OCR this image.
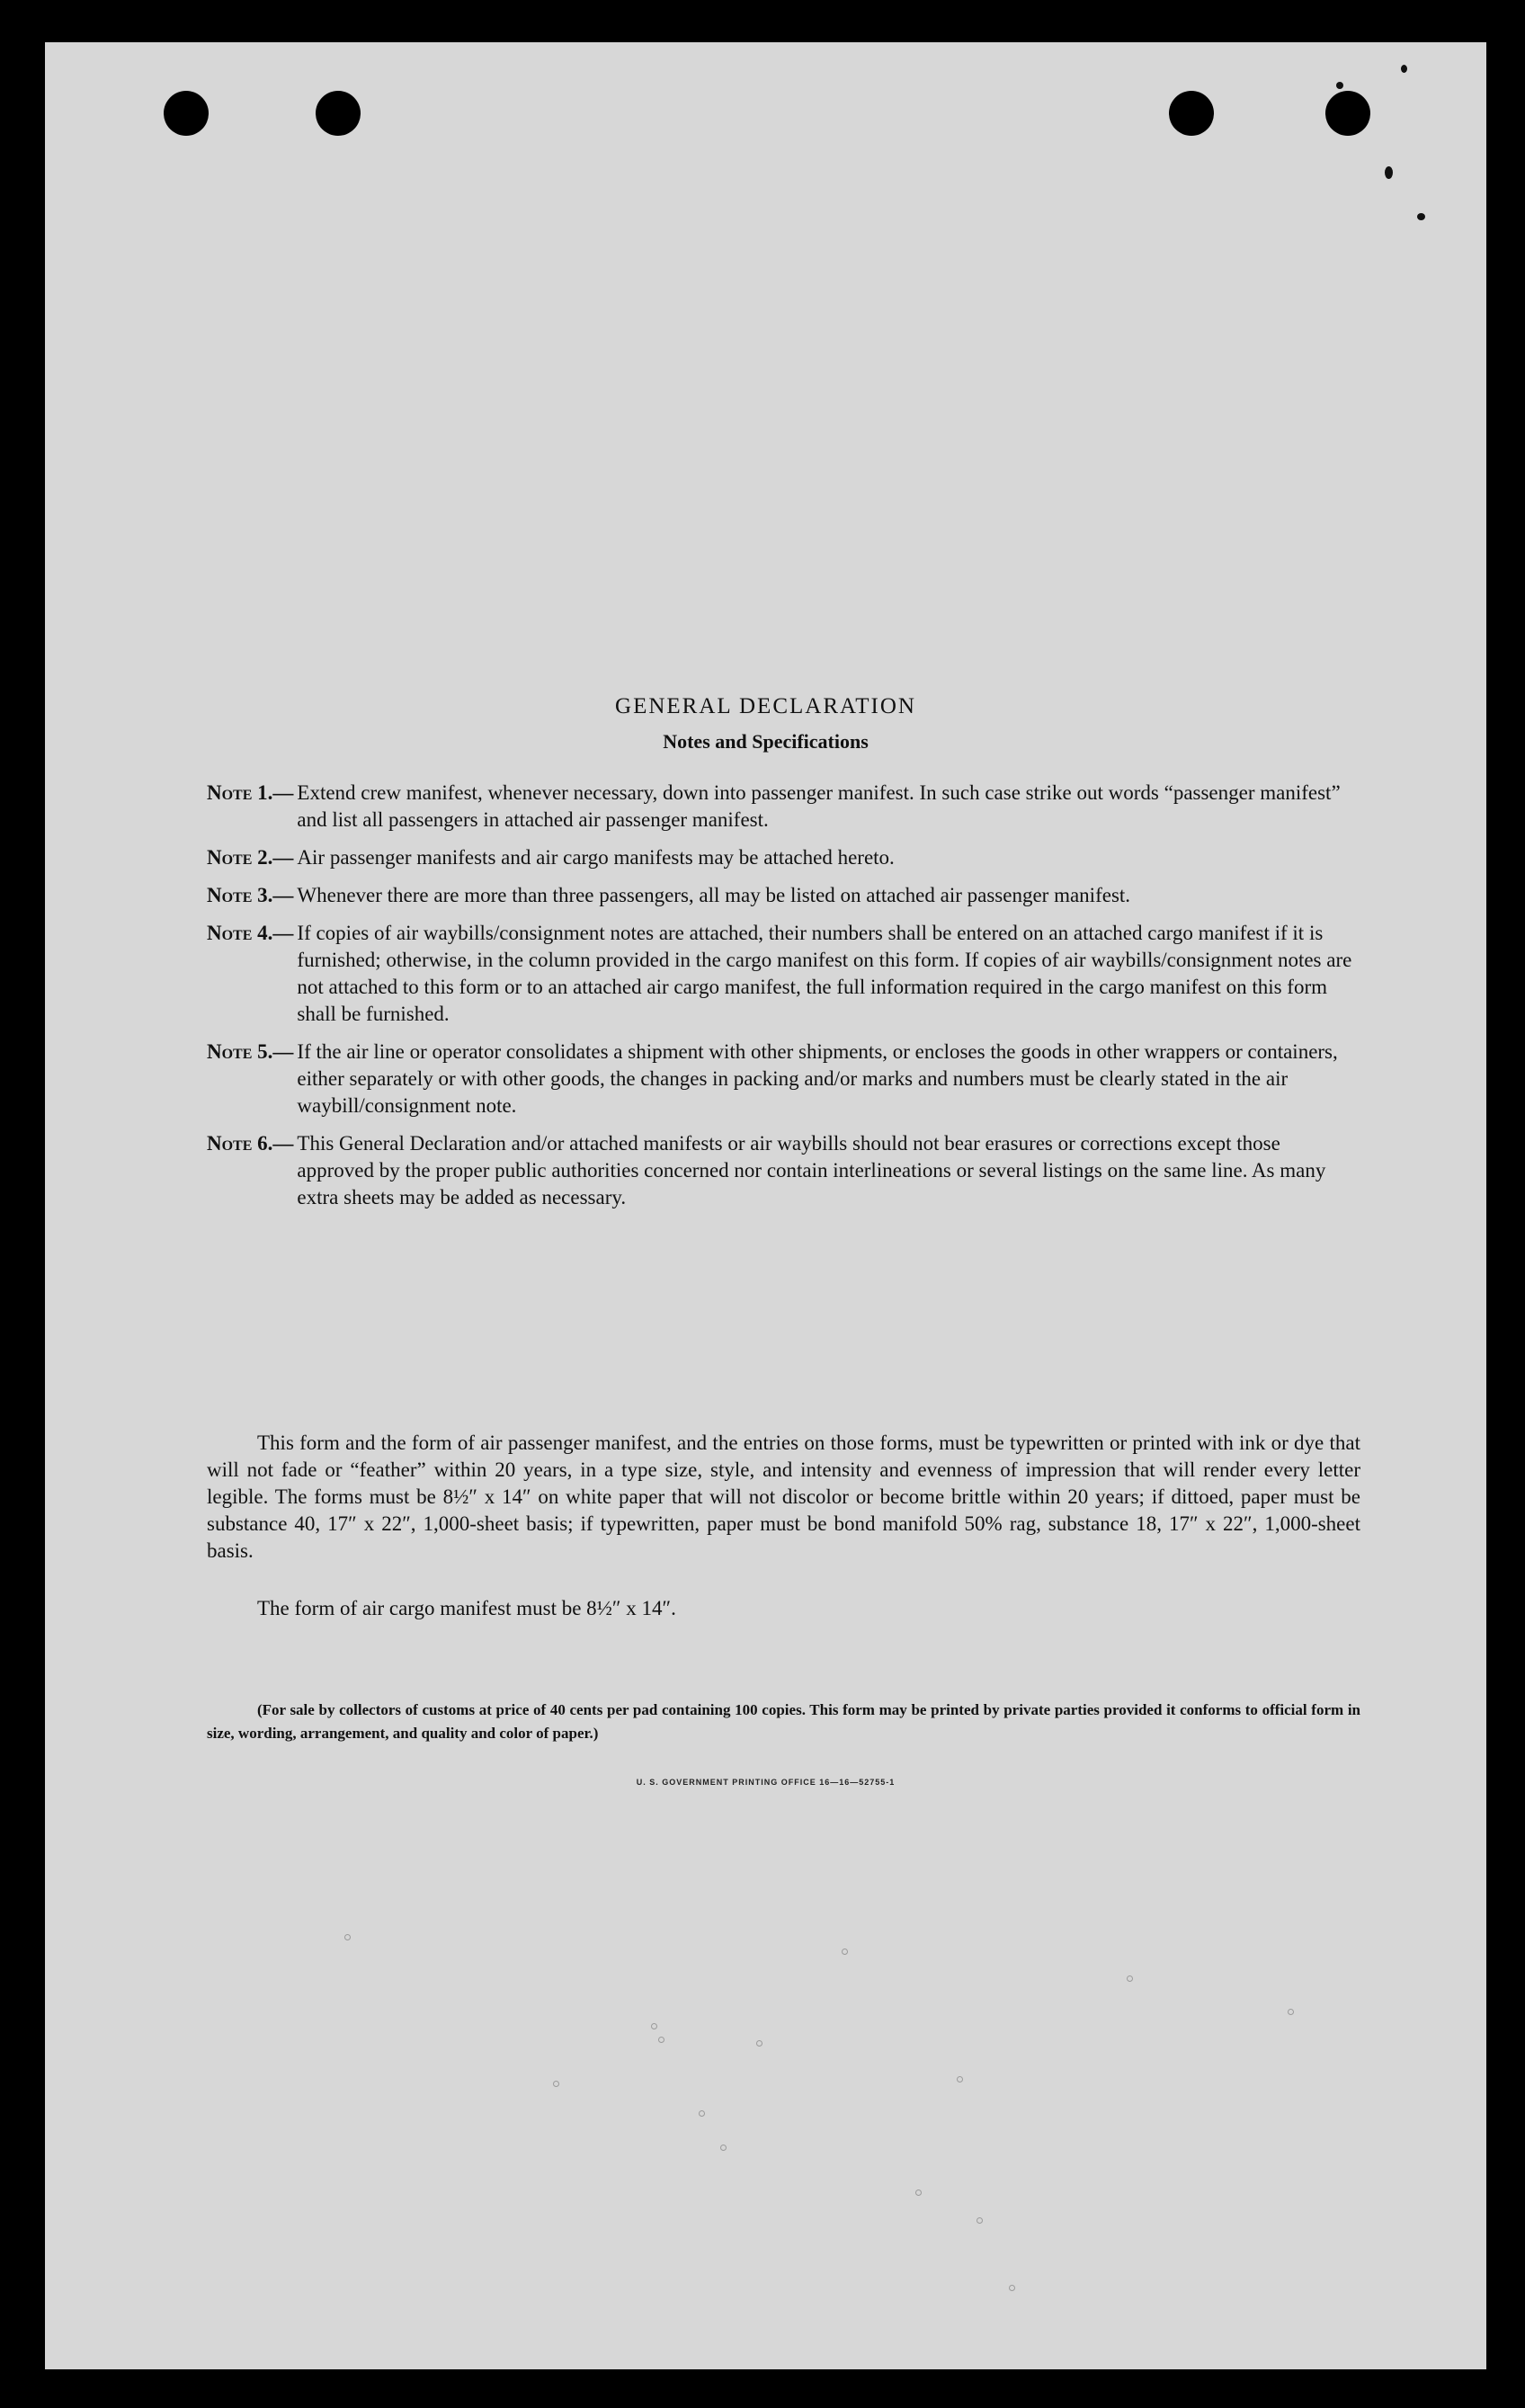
GENERAL DECLARATION
Notes and Specifications
Note 1.— Extend crew manifest, whenever necessary, down into passenger manifest. In such case strike out words “passenger manifest” and list all passengers in attached air passenger manifest.
Note 2.— Air passenger manifests and air cargo manifests may be attached hereto.
Note 3.— Whenever there are more than three passengers, all may be listed on attached air passenger manifest.
Note 4.— If copies of air waybills/consignment notes are attached, their numbers shall be entered on an attached cargo manifest if it is furnished; otherwise, in the column provided in the cargo manifest on this form. If copies of air waybills/consignment notes are not attached to this form or to an attached air cargo manifest, the full information required in the cargo manifest on this form shall be furnished.
Note 5.— If the air line or operator consolidates a shipment with other shipments, or encloses the goods in other wrappers or containers, either separately or with other goods, the changes in packing and/or marks and numbers must be clearly stated in the air waybill/consignment note.
Note 6.— This General Declaration and/or attached manifests or air waybills should not bear erasures or corrections except those approved by the proper public authorities concerned nor contain interlineations or several listings on the same line. As many extra sheets may be added as necessary.
This form and the form of air passenger manifest, and the entries on those forms, must be typewritten or printed with ink or dye that will not fade or “feather” within 20 years, in a type size, style, and intensity and evenness of impression that will render every letter legible. The forms must be 8½″ x 14″ on white paper that will not discolor or become brittle within 20 years; if dittoed, paper must be substance 40, 17″ x 22″, 1,000-sheet basis; if typewritten, paper must be bond manifold 50% rag, substance 18, 17″ x 22″, 1,000-sheet basis.
The form of air cargo manifest must be 8½″ x 14″.
(For sale by collectors of customs at price of 40 cents per pad containing 100 copies. This form may be printed by private parties provided it conforms to official form in size, wording, arrangement, and quality and color of paper.)
U. S. GOVERNMENT PRINTING OFFICE 16—16—52755-1
